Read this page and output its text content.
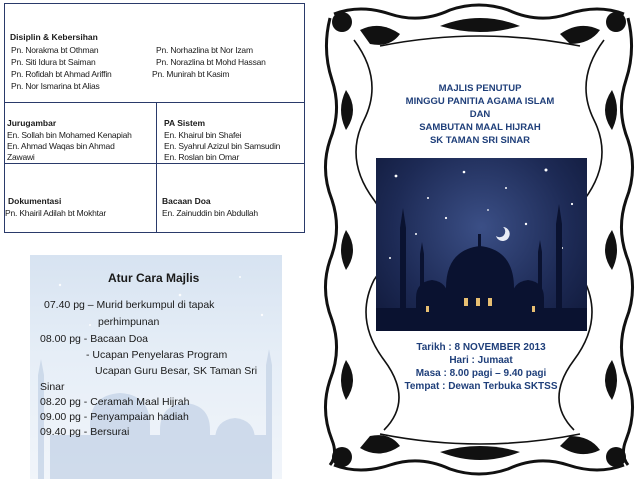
Disiplin & Kebersihan
Pn. Norakma bt Othman
Pn. Siti Idura bt Saiman
Pn. Rofidah bt Ahmad Ariffin
Pn. Nor Ismarina bt Alias
Pn. Norhazlina bt Nor Izam
Pn. Norazlina bt Mohd Hassan
Pn. Munirah bt Kasim
Jurugambar
En. Sollah bin Mohamed Kenapiah
En. Ahmad Waqas bin Ahmad
Zawawi
PA Sistem
En. Khairul bin Shafei
En. Syahrul Azizul bin Samsudin
En. Roslan bin Omar
Dokumentasi
Pn. Khairil Adilah bt Mokhtar
Bacaan Doa
En. Zainuddin bin Abdullah
Atur Cara Majlis
07.40 pg – Murid berkumpul di tapak
perhimpunan
08.00 pg - Bacaan Doa
- Ucapan Penyelaras Program
Ucapan Guru Besar, SK Taman Sri
Sinar
08.20 pg - Ceramah Maal Hijrah
09.00 pg - Penyampaian hadiah
09.40 pg - Bersurai
MAJLIS PENUTUP
MINGGU PANITIA AGAMA ISLAM
DAN
SAMBUTAN MAAL HIJRAH
SK TAMAN SRI SINAR
Tarikh : 8 NOVEMBER 2013
Hari : Jumaat
Masa : 8.00 pagi – 9.40 pagi
Tempat : Dewan Terbuka SKTSS
